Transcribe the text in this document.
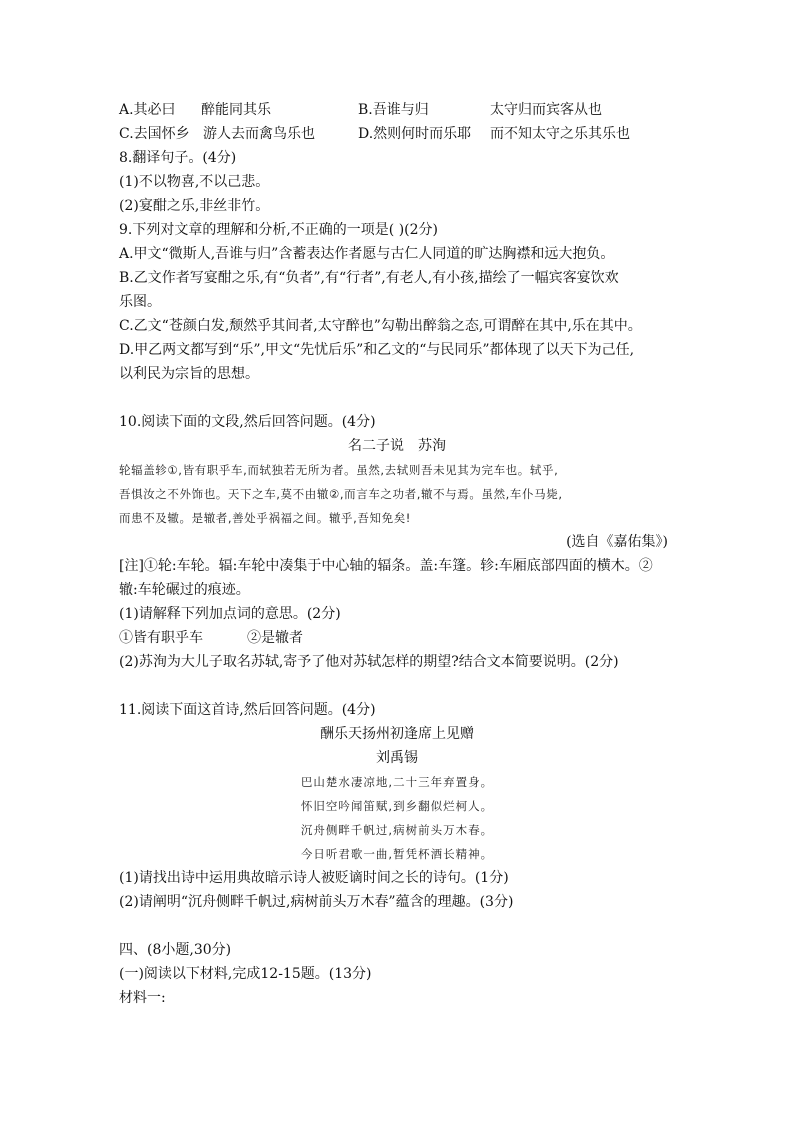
A.其必曰 醉能同其乐	B.吾谁与归	太守归而宾客从也
C.去国怀乡 游人去而禽鸟乐也	D.然则何时而乐耶 而不知太守之乐其乐也
8.翻译句子。(4分)
(1)不以物喜,不以己悲。
(2)宴酣之乐,非丝非竹。
9.下列对文章的理解和分析,不正确的一项是( )(2分)
A.甲文“微斯人,吾谁与归”含蓄表达作者愿与古仁人同道的旷达胸襟和远大抱负。
B.乙文作者写宴酣之乐,有“负者”,有“行者”,有老人,有小孩,描绘了一幅宾客宴饮欢
乐图。
C.乙文“苍颜白发,颓然乎其间者,太守醉也”勾勒出醉翁之态,可谓醉在其中,乐在其中。
D.甲乙两文都写到“乐”,甲文“先忧后乐”和乙文的“与民同乐”都体现了以天下为己任,
以利民为宗旨的思想。
10.阅读下面的文段,然后回答问题。(4分)
名二子说　苏洵
轮辐盖轸①,皆有职乎车,而轼独若无所为者。虽然,去轼则吾未见其为完车也。轼乎,
吾惧汝之不外饰也。天下之车,莫不由辙②,而言车之功者,辙不与焉。虽然,车仆马毙,
而患不及辙。是辙者,善处乎祸福之间。辙乎,吾知免矣!
(选自《嘉佑集》)
[注]①轮:车轮。辐:车轮中凑集于中心轴的辐条。盖:车篷。轸:车厢底部四面的横木。②
辙:车轮碾过的痕迹。
(1)请解释下列加点词的意思。(2分)
①皆有职乎车	②是辙者
(2)苏洵为大儿子取名苏轼,寄予了他对苏轼怎样的期望?结合文本简要说明。(2分)
11.阅读下面这首诗,然后回答问题。(4分)
酬乐天扬州初逢席上见赠
刘禹锡
巴山楚水凄凉地,二十三年弃置身。
怀旧空吟闻笛赋,到乡翻似烂柯人。
沉舟侧畔千帆过,病树前头万木春。
今日听君歌一曲,暂凭杯酒长精神。
(1)请找出诗中运用典故暗示诗人被贬谪时间之长的诗句。(1分)
(2)请阐明“沉舟侧畔千帆过,病树前头万木春”蕴含的理趣。(3分)
四、(8小题,30分)
(一)阅读以下材料,完成12-15题。(13分)
材料一:
